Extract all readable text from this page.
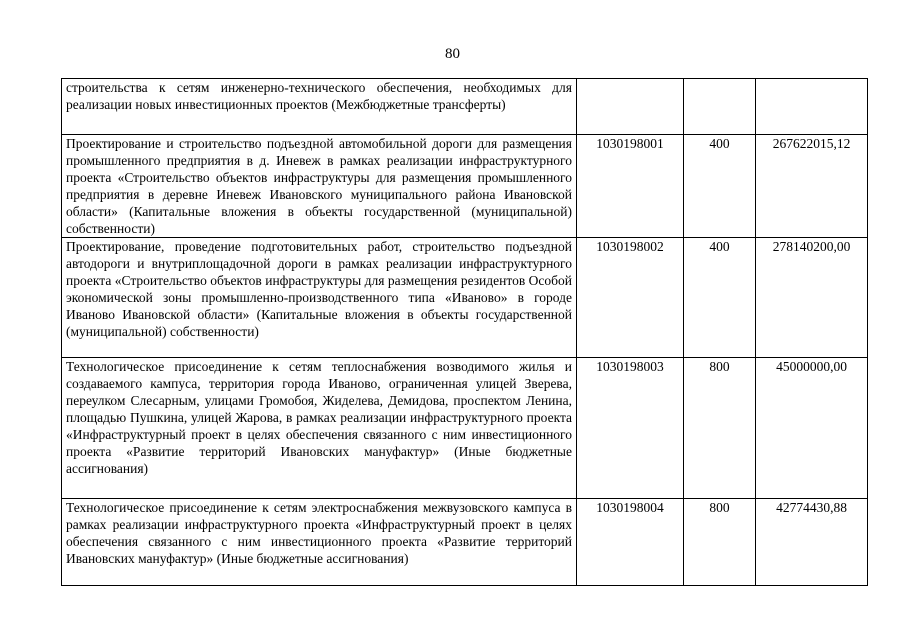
80
строительства к сетям инженерно-технического обеспечения, необходимых для реализации новых инвестиционных проектов (Межбюджетные трансферты)			
Проектирование и строительство подъездной автомобильной дороги для размещения промышленного предприятия в д. Иневеж в рамках реализации инфраструктурного проекта «Строительство объектов инфраструктуры для размещения промышленного предприятия в деревне Иневеж Ивановского муниципального района Ивановской области» (Капитальные вложения в объекты государственной (муниципальной) собственности)	1030198001	400	267622015,12
Проектирование, проведение подготовительных работ, строительство подъездной автодороги и внутриплощадочной дороги в рамках реализации инфраструктурного проекта «Строительство объектов инфраструктуры для размещения резидентов Особой экономической зоны промышленно-производственного типа «Иваново» в городе Иваново Ивановской области» (Капитальные вложения в объекты государственной (муниципальной) собственности)	1030198002	400	278140200,00
Технологическое присоединение к сетям теплоснабжения возводимого жилья и создаваемого кампуса, территория города Иваново, ограниченная улицей Зверева, переулком Слесарным, улицами Громобоя, Жиделева, Демидова, проспектом Ленина, площадью Пушкина, улицей Жарова, в рамках реализации инфраструктурного проекта «Инфраструктурный проект в целях обеспечения связанного с ним инвестиционного проекта «Развитие территорий Ивановских мануфактур» (Иные бюджетные ассигнования)	1030198003	800	45000000,00
Технологическое присоединение к сетям электроснабжения межвузовского кампуса в рамках реализации инфраструктурного проекта «Инфраструктурный проект в целях обеспечения связанного с ним инвестиционного проекта «Развитие территорий Ивановских мануфактур» (Иные бюджетные ассигнования)	1030198004	800	42774430,88
